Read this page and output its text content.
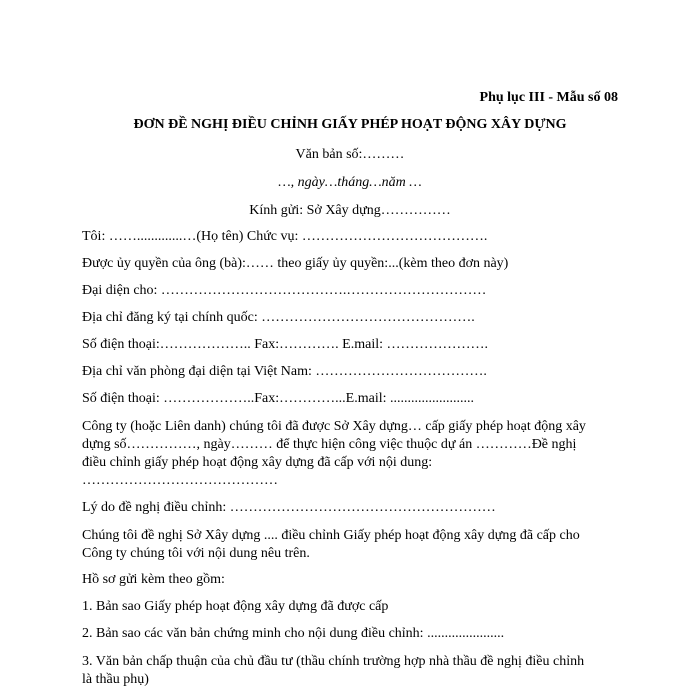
Phụ lục III - Mẫu số 08
ĐƠN ĐỀ NGHỊ ĐIỀU CHỈNH GIẤY PHÉP HOẠT ĐỘNG XÂY DỰNG
Văn bản số:………
…, ngày…tháng…năm …
Kính gửi: Sở Xây dựng……………
Tôi: …….............…(Họ tên) Chức vụ: ………………………………….
Được ủy quyền của ông (bà):…… theo giấy ủy quyền:...(kèm theo đơn này)
Đại diện cho: ………………………………….…………………………
Địa chỉ đăng ký tại chính quốc: ……………………………………….
Số điện thoại:……………….. Fax:…………. E.mail: ………………….
Địa chỉ văn phòng đại diện tại Việt Nam: ……………………………….
Số điện thoại: ………………..Fax:…………...E.mail: ........................
Công ty (hoặc Liên danh) chúng tôi đã được Sở Xây dựng… cấp giấy phép hoạt động xây
dựng số……………, ngày……… để thực hiện công việc thuộc dự án …………Đề nghị
điều chỉnh giấy phép hoạt động xây dựng đã cấp với nội dung:
……………………………………
Lý do đề nghị điều chỉnh: …………………………………………………
Chúng tôi đề nghị Sở Xây dựng .... điều chỉnh Giấy phép hoạt động xây dựng đã cấp cho
Công ty chúng tôi với nội dung nêu trên.
Hồ sơ gửi kèm theo gồm:
1. Bản sao Giấy phép hoạt động xây dựng đã được cấp
2. Bản sao các văn bản chứng minh cho nội dung điều chỉnh: ......................
3. Văn bản chấp thuận của chủ đầu tư (thầu chính trường hợp nhà thầu đề nghị điều chỉnh
là thầu phụ)
